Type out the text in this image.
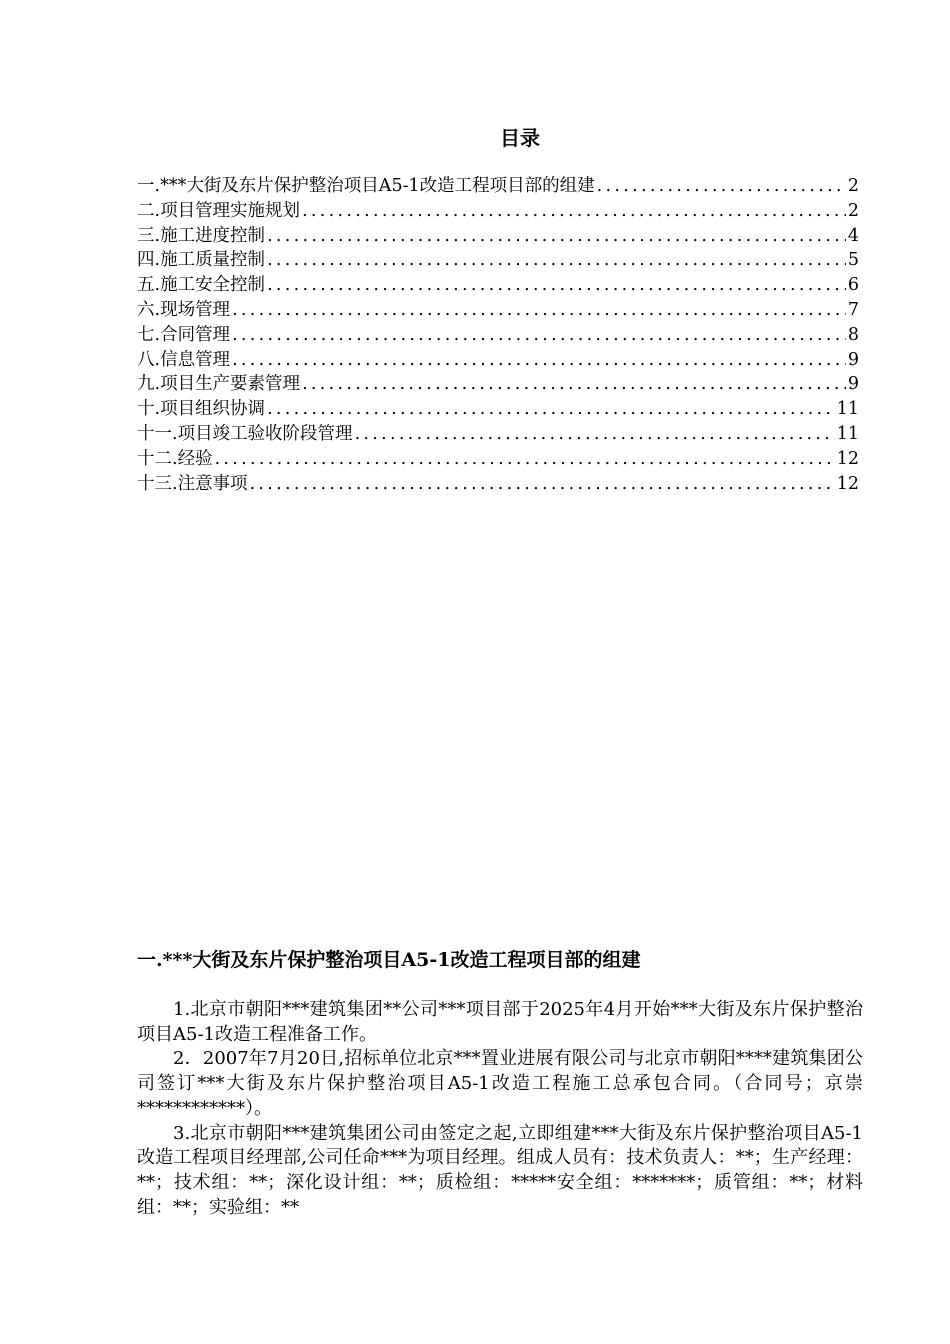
目录
一.***大街及东片保护整治项目A5-1改造工程项目部的组建 .....	2
二.项目管理实施规划 .....	2
三.施工进度控制 .....	4
四.施工质量控制 .....	5
五.施工安全控制 .....	6
六.现场管理 .....	7
七.合同管理 .....	8
八.信息管理 .....	9
九.项目生产要素管理 .....	9
十.项目组织协调 .....	11
十一.项目竣工验收阶段管理 .....	11
十二.经验 .....	12
十三.注意事项 .....	12
一.***大街及东片保护整治项目A5-1改造工程项目部的组建

1.北京市朝阳***建筑集团**公司***项目部于2025年4月开始***大街及东片保护整治项目A5-1改造工程准备工作。

2．2007年7月20日,招标单位北京***置业进展有限公司与北京市朝阳****建筑集团公司签订***大街及东片保护整治项目A5-1改造工程施工总承包合同。（合同号；京崇************）。

3.北京市朝阳***建筑集团公司由签定之起,立即组建***大街及东片保护整治项目A5-1改造工程项目经理部,公司任命***为项目经理。组成人员有：技术负责人：**；生产经理：**；技术组：**；深化设计组：**；质检组：*****安全组：*******；质管组：**；材料组：**；实验组：**
